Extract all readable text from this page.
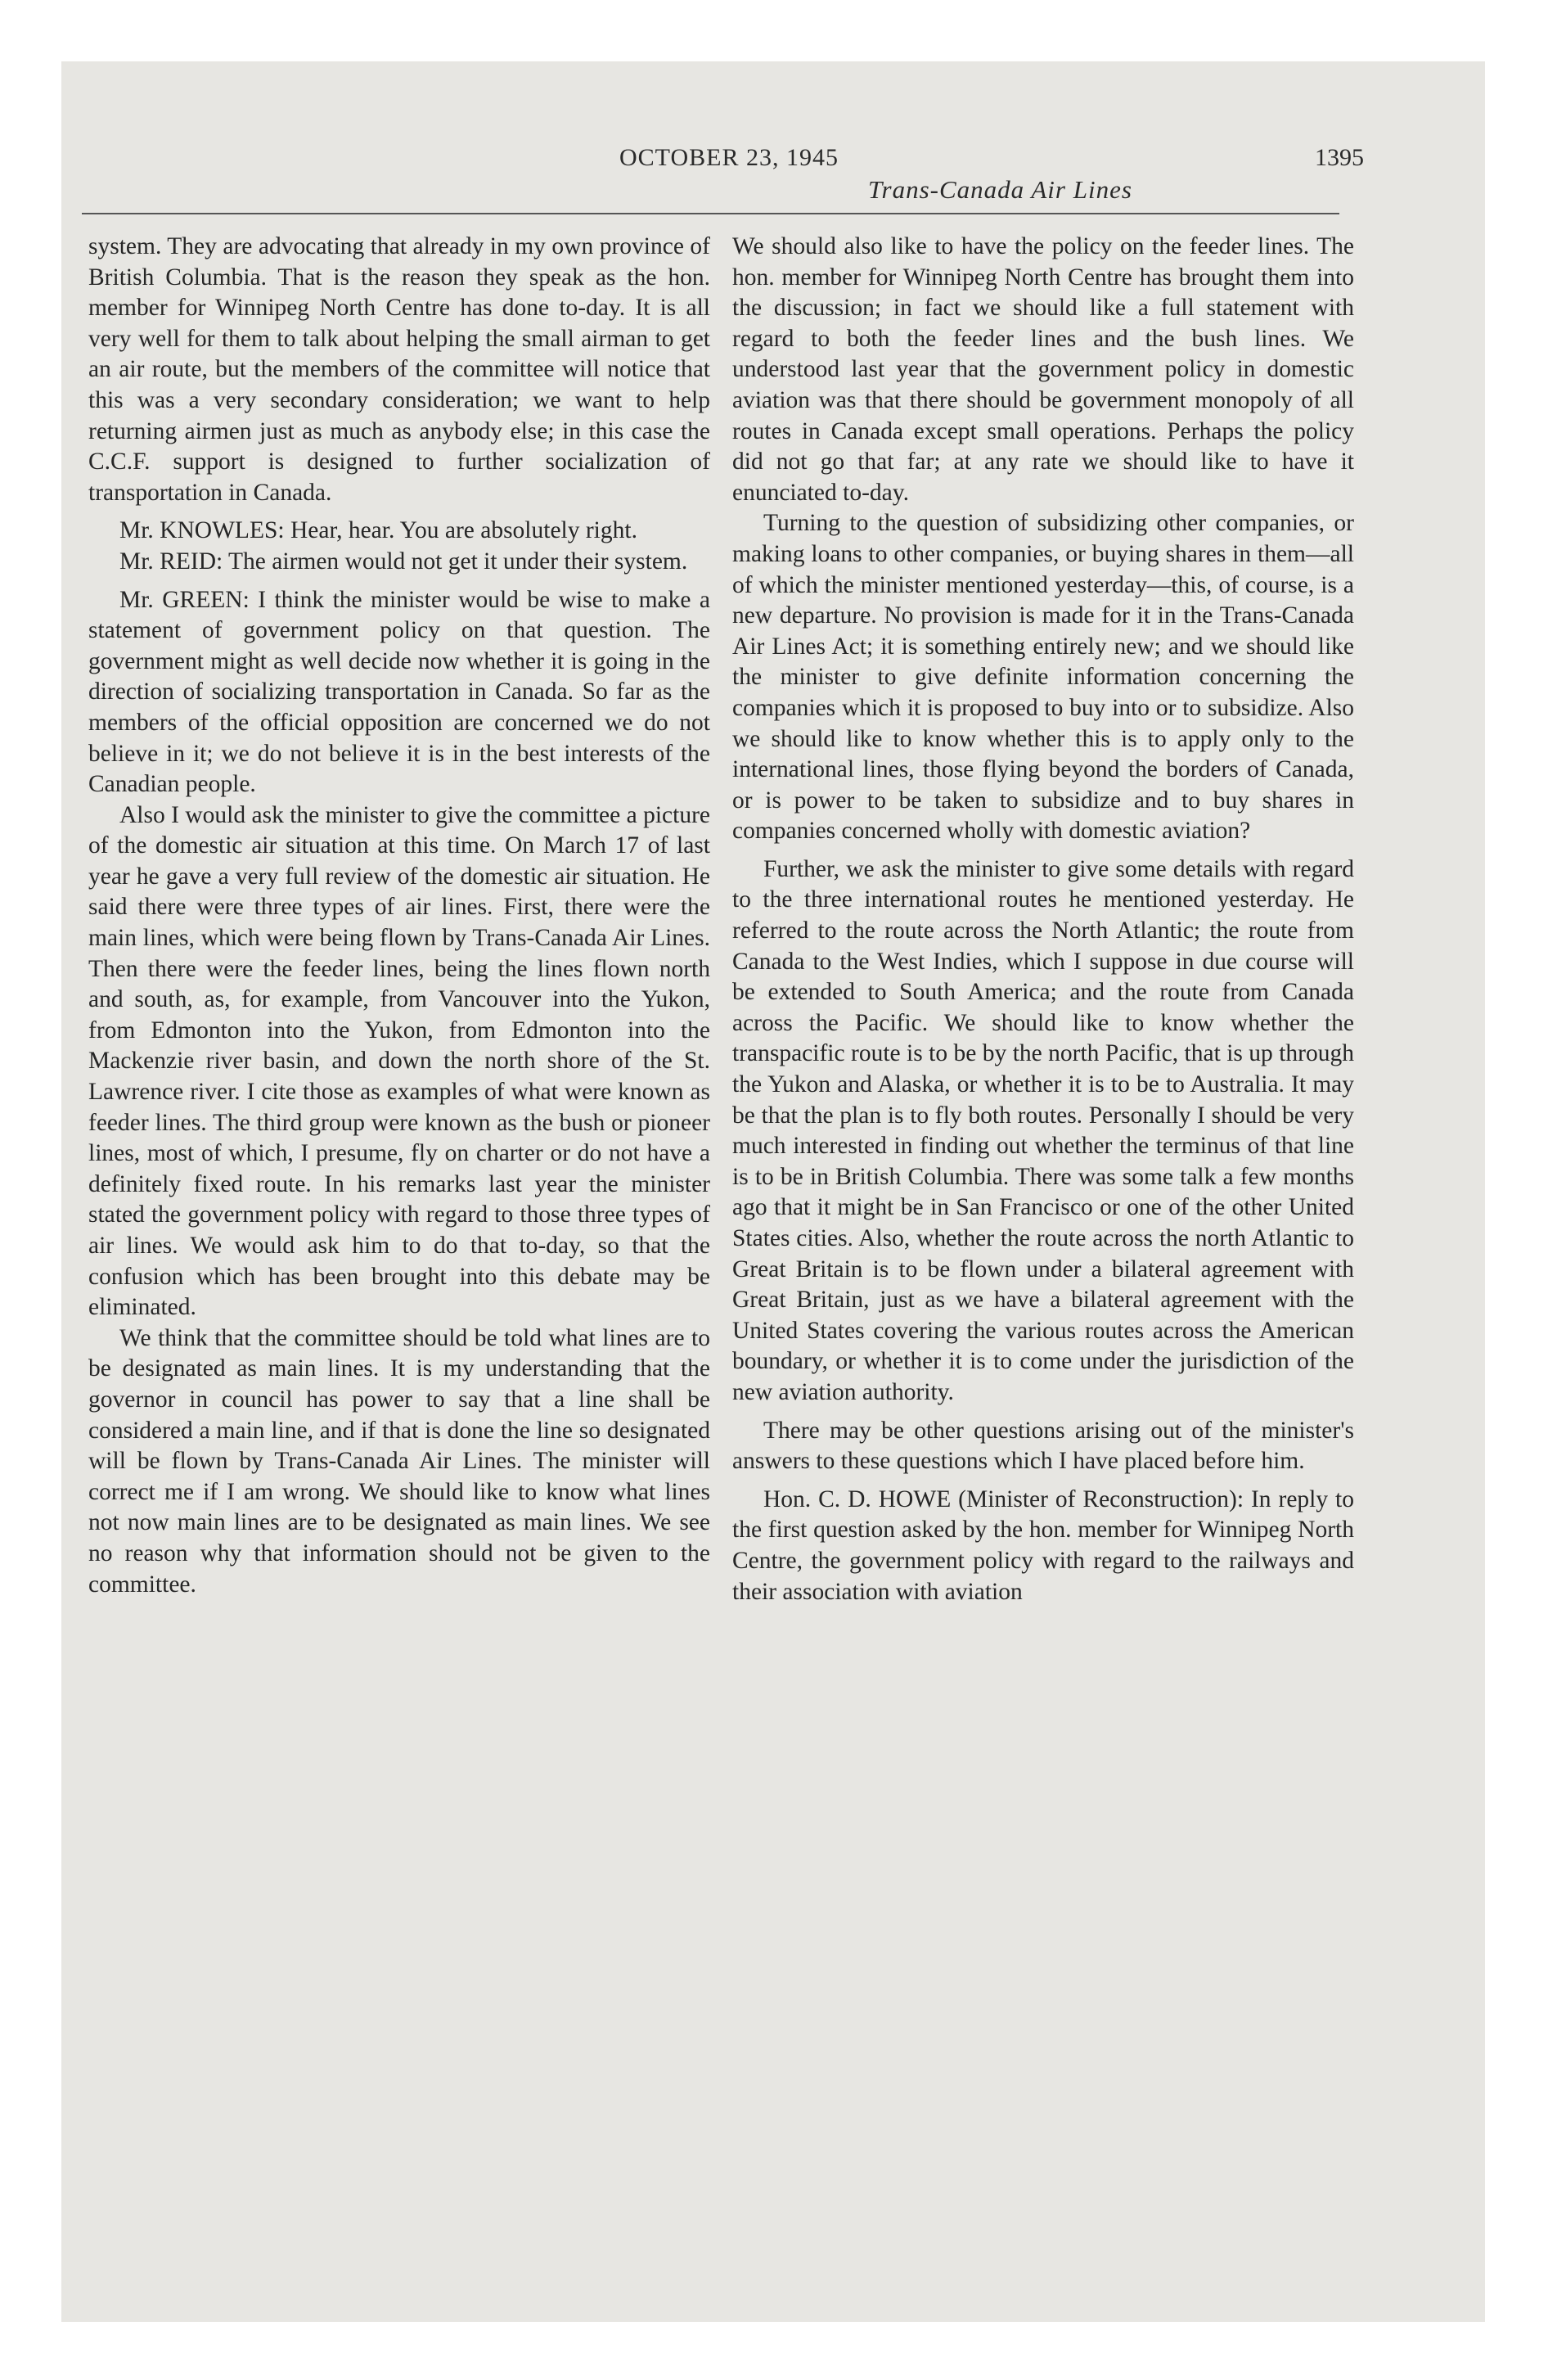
OCTOBER 23, 1945	1395
Trans-Canada Air Lines

system. They are advocating that already in my own province of British Columbia. That is the reason they speak as the hon. member for Winnipeg North Centre has done to-day. It is all very well for them to talk about helping the small airman to get an air route, but the members of the committee will notice that this was a very secondary consideration; we want to help returning airmen just as much as anybody else; in this case the C.C.F. support is designed to further socialization of transportation in Canada.

Mr. KNOWLES: Hear, hear. You are absolutely right.

Mr. REID: The airmen would not get it under their system.

Mr. GREEN: I think the minister would be wise to make a statement of government policy on that question. The government might as well decide now whether it is going in the direction of socializing transportation in Canada. So far as the members of the official opposition are concerned we do not believe in it; we do not believe it is in the best interests of the Canadian people.

Also I would ask the minister to give the committee a picture of the domestic air situation at this time. On March 17 of last year he gave a very full review of the domestic air situation. He said there were three types of air lines. First, there were the main lines, which were being flown by Trans-Canada Air Lines. Then there were the feeder lines, being the lines flown north and south, as, for example, from Vancouver into the Yukon, from Edmonton into the Yukon, from Edmonton into the Mackenzie river basin, and down the north shore of the St. Lawrence river. I cite those as examples of what were known as feeder lines. The third group were known as the bush or pioneer lines, most of which, I presume, fly on charter or do not have a definitely fixed route. In his remarks last year the minister stated the government policy with regard to those three types of air lines. We would ask him to do that to-day, so that the confusion which has been brought into this debate may be eliminated.

We think that the committee should be told what lines are to be designated as main lines. It is my understanding that the governor in council has power to say that a line shall be considered a main line, and if that is done the line so designated will be flown by Trans-Canada Air Lines. The minister will correct me if I am wrong. We should like to know what lines not now main lines are to be designated as main lines. We see no reason why that information should not be given to the committee.

We should also like to have the policy on the feeder lines. The hon. member for Winnipeg North Centre has brought them into the discussion; in fact we should like a full statement with regard to both the feeder lines and the bush lines. We understood last year that the government policy in domestic aviation was that there should be government monopoly of all routes in Canada except small operations. Perhaps the policy did not go that far; at any rate we should like to have it enunciated to-day.

Turning to the question of subsidizing other companies, or making loans to other companies, or buying shares in them—all of which the minister mentioned yesterday—this, of course, is a new departure. No provision is made for it in the Trans-Canada Air Lines Act; it is something entirely new; and we should like the minister to give definite information concerning the companies which it is proposed to buy into or to subsidize. Also we should like to know whether this is to apply only to the international lines, those flying beyond the borders of Canada, or is power to be taken to subsidize and to buy shares in companies concerned wholly with domestic aviation?

Further, we ask the minister to give some details with regard to the three international routes he mentioned yesterday. He referred to the route across the North Atlantic; the route from Canada to the West Indies, which I suppose in due course will be extended to South America; and the route from Canada across the Pacific. We should like to know whether the transpacific route is to be by the north Pacific, that is up through the Yukon and Alaska, or whether it is to be to Australia. It may be that the plan is to fly both routes. Personally I should be very much interested in finding out whether the terminus of that line is to be in British Columbia. There was some talk a few months ago that it might be in San Francisco or one of the other United States cities. Also, whether the route across the north Atlantic to Great Britain is to be flown under a bilateral agreement with Great Britain, just as we have a bilateral agreement with the United States covering the various routes across the American boundary, or whether it is to come under the jurisdiction of the new aviation authority.

There may be other questions arising out of the minister's answers to these questions which I have placed before him.

Hon. C. D. HOWE (Minister of Reconstruction): In reply to the first question asked by the hon. member for Winnipeg North Centre, the government policy with regard to the railways and their association with aviation
